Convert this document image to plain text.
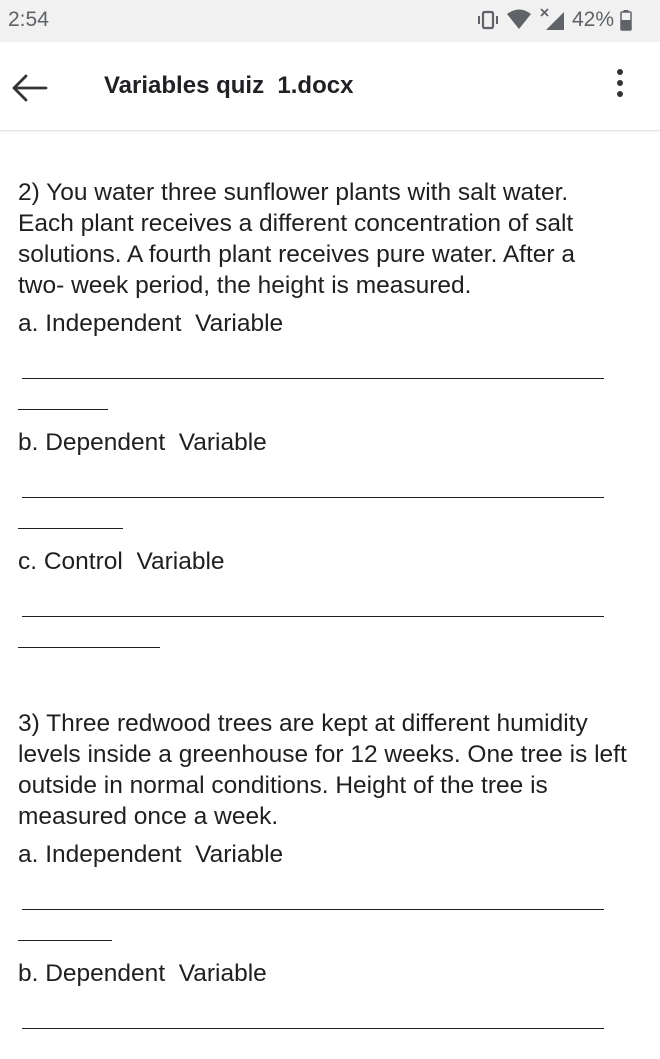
2:54	42%
Variables quiz  1.docx

2) You water three sunflower plants with salt water. Each plant receives a different concentration of salt solutions. A fourth plant receives pure water. After a two- week period, the height is measured.

a. Independent  Variable
b. Dependent  Variable
c. Control  Variable

3) Three redwood trees are kept at different humidity levels inside a greenhouse for 12 weeks. One tree is left outside in normal conditions. Height of the tree is measured once a week.

a. Independent  Variable
b. Dependent  Variable
